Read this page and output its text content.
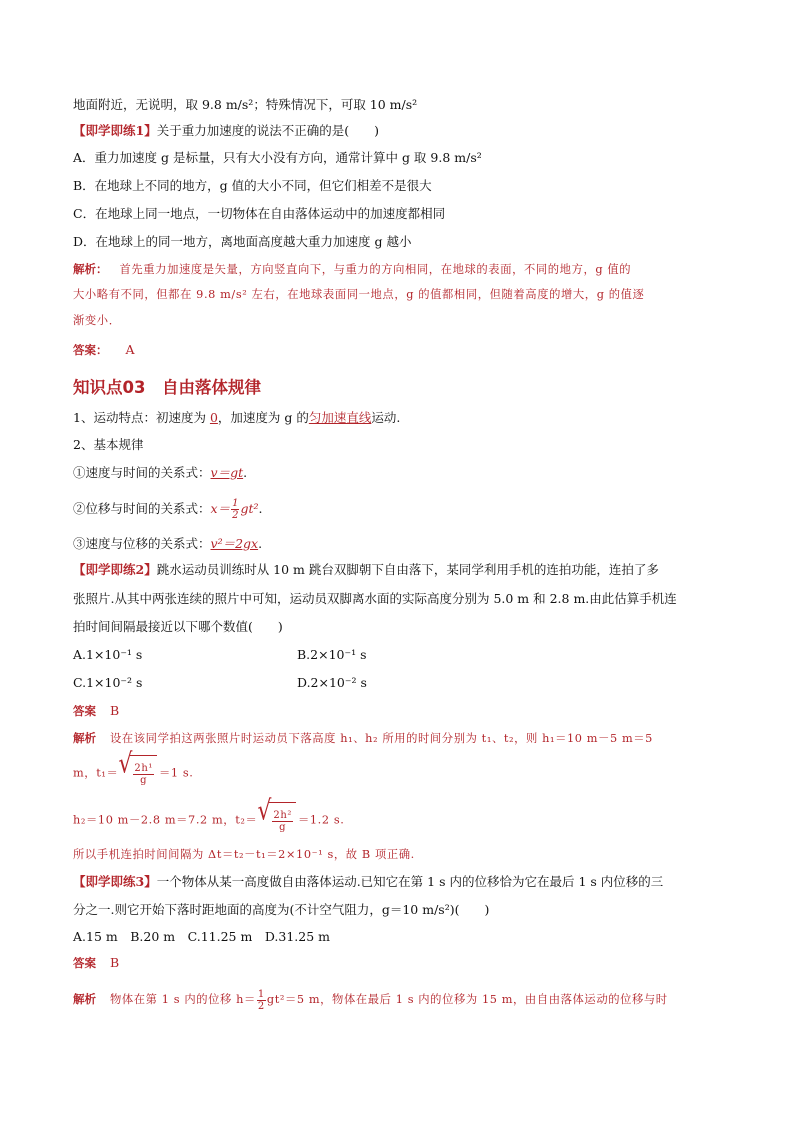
地面附近，无说明，取 9.8 m/s²；特殊情况下，可取 10 m/s²
【即学即练1】关于重力加速度的说法不正确的是(　　)
A．重力加速度 g 是标量，只有大小没有方向，通常计算中 g 取 9.8 m/s²
B．在地球上不同的地方，g 值的大小不同，但它们相差不是很大
C．在地球上同一地点，一切物体在自由落体运动中的加速度都相同
D．在地球上的同一地方，离地面高度越大重力加速度 g 越小
解析： 首先重力加速度是矢量，方向竖直向下，与重力的方向相同，在地球的表面，不同的地方，g 值的
大小略有不同，但都在 9.8 m/s² 左右，在地球表面同一地点，g 的值都相同，但随着高度的增大，g 的值逐
渐变小．
答案： A
知识点03　自由落体规律
1、运动特点：初速度为 0，加速度为 g 的匀加速直线运动.
2、基本规律
①速度与时间的关系式：v＝gt.
②位移与时间的关系式：$x= \frac{1}{2} gt^2$.
③速度与位移的关系式：v²＝2gx.
【即学即练2】跳水运动员训练时从 10 m 跳台双脚朝下自由落下，某同学利用手机的连拍功能，连拍了多
张照片.从其中两张连续的照片中可知，运动员双脚离水面的实际高度分别为 5.0 m 和 2.8 m.由此估算手机连
拍时间间隔最接近以下哪个数值(　　)
A.1×10⁻¹ s	B.2×10⁻¹ s
C.1×10⁻² s	D.2×10⁻² s
答案 B
解析 设在该同学拍这两张照片时运动员下落高度 h₁、h₂ 所用的时间分别为 t₁、t₂，则 h₁＝10 m－5 m＝5
m，t₁＝ √ $\frac{\text{2h¹}}{g} =1$ s.
h₂＝10 m－2.8 m＝7.2 m，t₂＝ √ $\frac{\text{2h²}}{g} =1.2$ s.
所以手机连拍时间间隔为 Δt＝t₂－t₁＝2×10⁻¹ s，故 B 项正确.
【即学即练3】一个物体从某一高度做自由落体运动.已知它在第 1 s 内的位移恰为它在最后 1 s 内位移的三
分之一.则它开始下落时距地面的高度为(不计空气阻力，g＝10 m/s²)(　　)
A.15 m　B.20 m　C.11.25 m　D.31.25 m
答案 B
解析 物体在第 1 s 内的位移 $h= \frac{1}{2} gt^2=5$ m，物体在最后 1 s 内的位移为 15 m，由自由落体运动的位移与时
